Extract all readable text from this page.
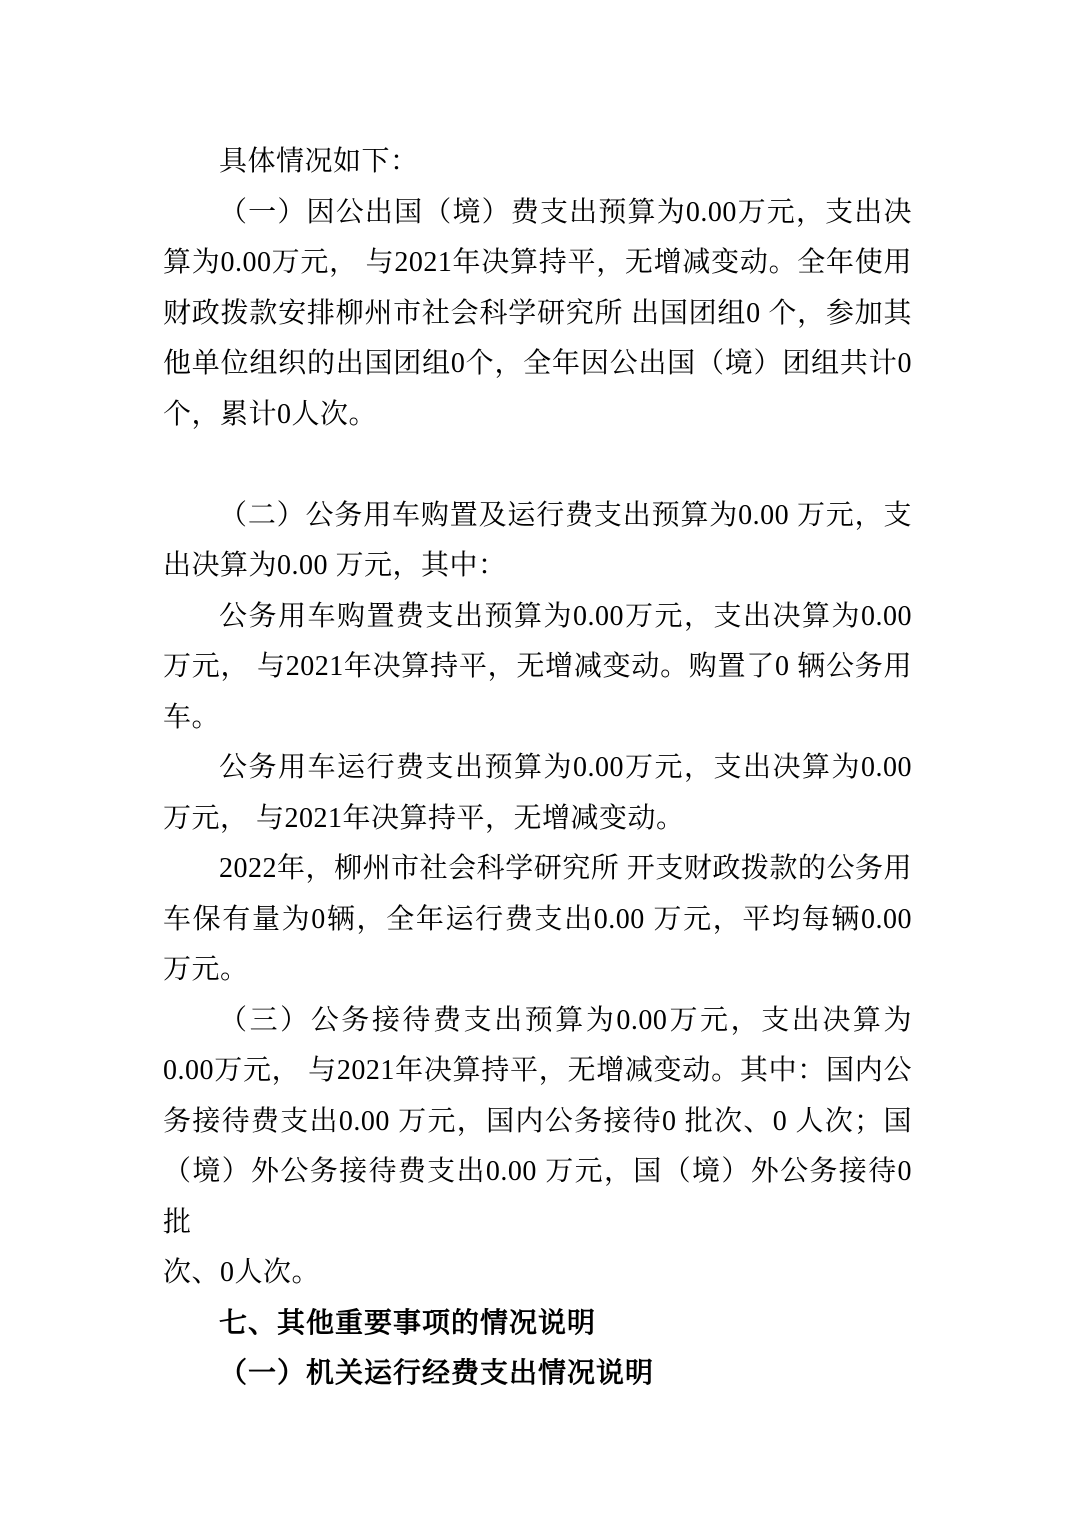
具体情况如下：
（一）因公出国（境）费支出预算为0.00万元，支出决
算为0.00万元， 与2021年决算持平，无增减变动。全年使用
财政拨款安排柳州市社会科学研究所 出国团组0 个，参加其
他单位组织的出国团组0个，全年因公出国（境）团组共计0
个，累计0人次。
（二）公务用车购置及运行费支出预算为0.00 万元，支
出决算为0.00 万元，其中：
公务用车购置费支出预算为0.00万元，支出决算为0.00
万元， 与2021年决算持平，无增减变动。购置了0 辆公务用
车。
公务用车运行费支出预算为0.00万元，支出决算为0.00
万元， 与2021年决算持平，无增减变动。
2022年，柳州市社会科学研究所 开支财政拨款的公务用
车保有量为0辆，全年运行费支出0.00 万元，平均每辆0.00
万元。
（三）公务接待费支出预算为0.00万元，支出决算为
0.00万元， 与2021年决算持平，无增减变动。其中：国内公
务接待费支出0.00 万元，国内公务接待0 批次、0 人次；国
（境）外公务接待费支出0.00 万元，国（境）外公务接待0 批
次、0人次。
七、其他重要事项的情况说明
（一）机关运行经费支出情况说明
